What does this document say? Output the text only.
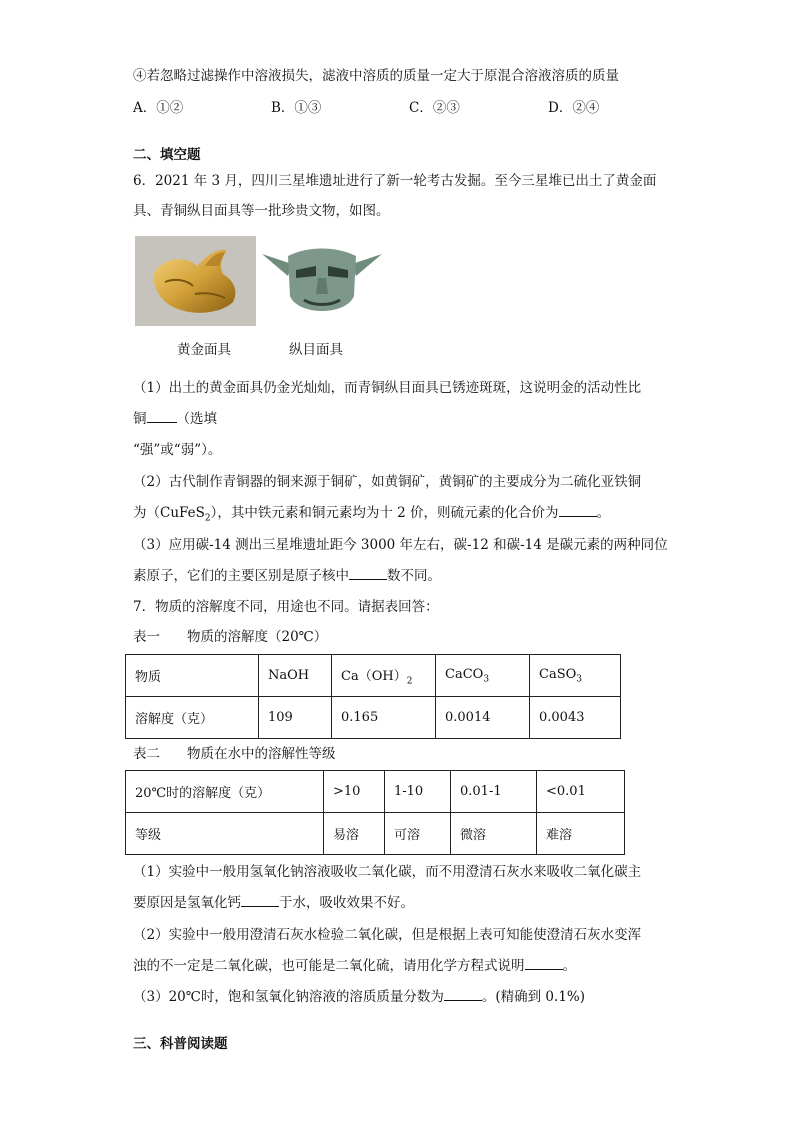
④若忽略过滤操作中溶液损失，滤液中溶质的质量一定大于原混合溶液溶质的质量
A．①②	B．①③	C．②③	D．②④
二、填空题
6．2021 年 3 月，四川三星堆遗址进行了新一轮考古发掘。至今三星堆已出土了黄金面
具、青铜纵目面具等一批珍贵文物，如图。
黄金面具	纵目面具
（1）出土的黄金面具仍金光灿灿，而青铜纵目面具已锈迹斑斑，这说明金的活动性比
铜 （选填
“强”或“弱”）。
（2）古代制作青铜器的铜来源于铜矿，如黄铜矿，黄铜矿的主要成分为二硫化亚铁铜
为（CuFeS$_2$），其中铁元素和铜元素均为十 2 价，则硫元素的化合价为	。
（3）应用碳-14 测出三星堆遗址距今 3000 年左右，碳-12 和碳-14 是碳元素的两种同位
素原子，它们的主要区别是原子核中	数不同。
7．物质的溶解度不同，用途也不同。请据表回答：
表一　　物质的溶解度（20℃）
物质	NaOH	$Ca(OH)_2$	CaCO$_3$	CaSO$_3$
溶解度（克）	109	0.165	0.0014	0.0043
表二　　物质在水中的溶解性等级
20℃时的溶解度（克）	>10	1-10	0.01-1	<0.01
等级	易溶	可溶	微溶	难溶
（1）实验中一般用氢氧化钠溶液吸收二氧化碳，而不用澄清石灰水来吸收二氧化碳主
要原因是氢氧化钙	于水，吸收效果不好。
（2）实验中一般用澄清石灰水检验二氧化碳，但是根据上表可知能使澄清石灰水变浑
浊的不一定是二氧化碳，也可能是二氧化硫，请用化学方程式说明	。
（3）20℃时，饱和氢氧化钠溶液的溶质质量分数为	。(精确到 0.1%)
三、科普阅读题
